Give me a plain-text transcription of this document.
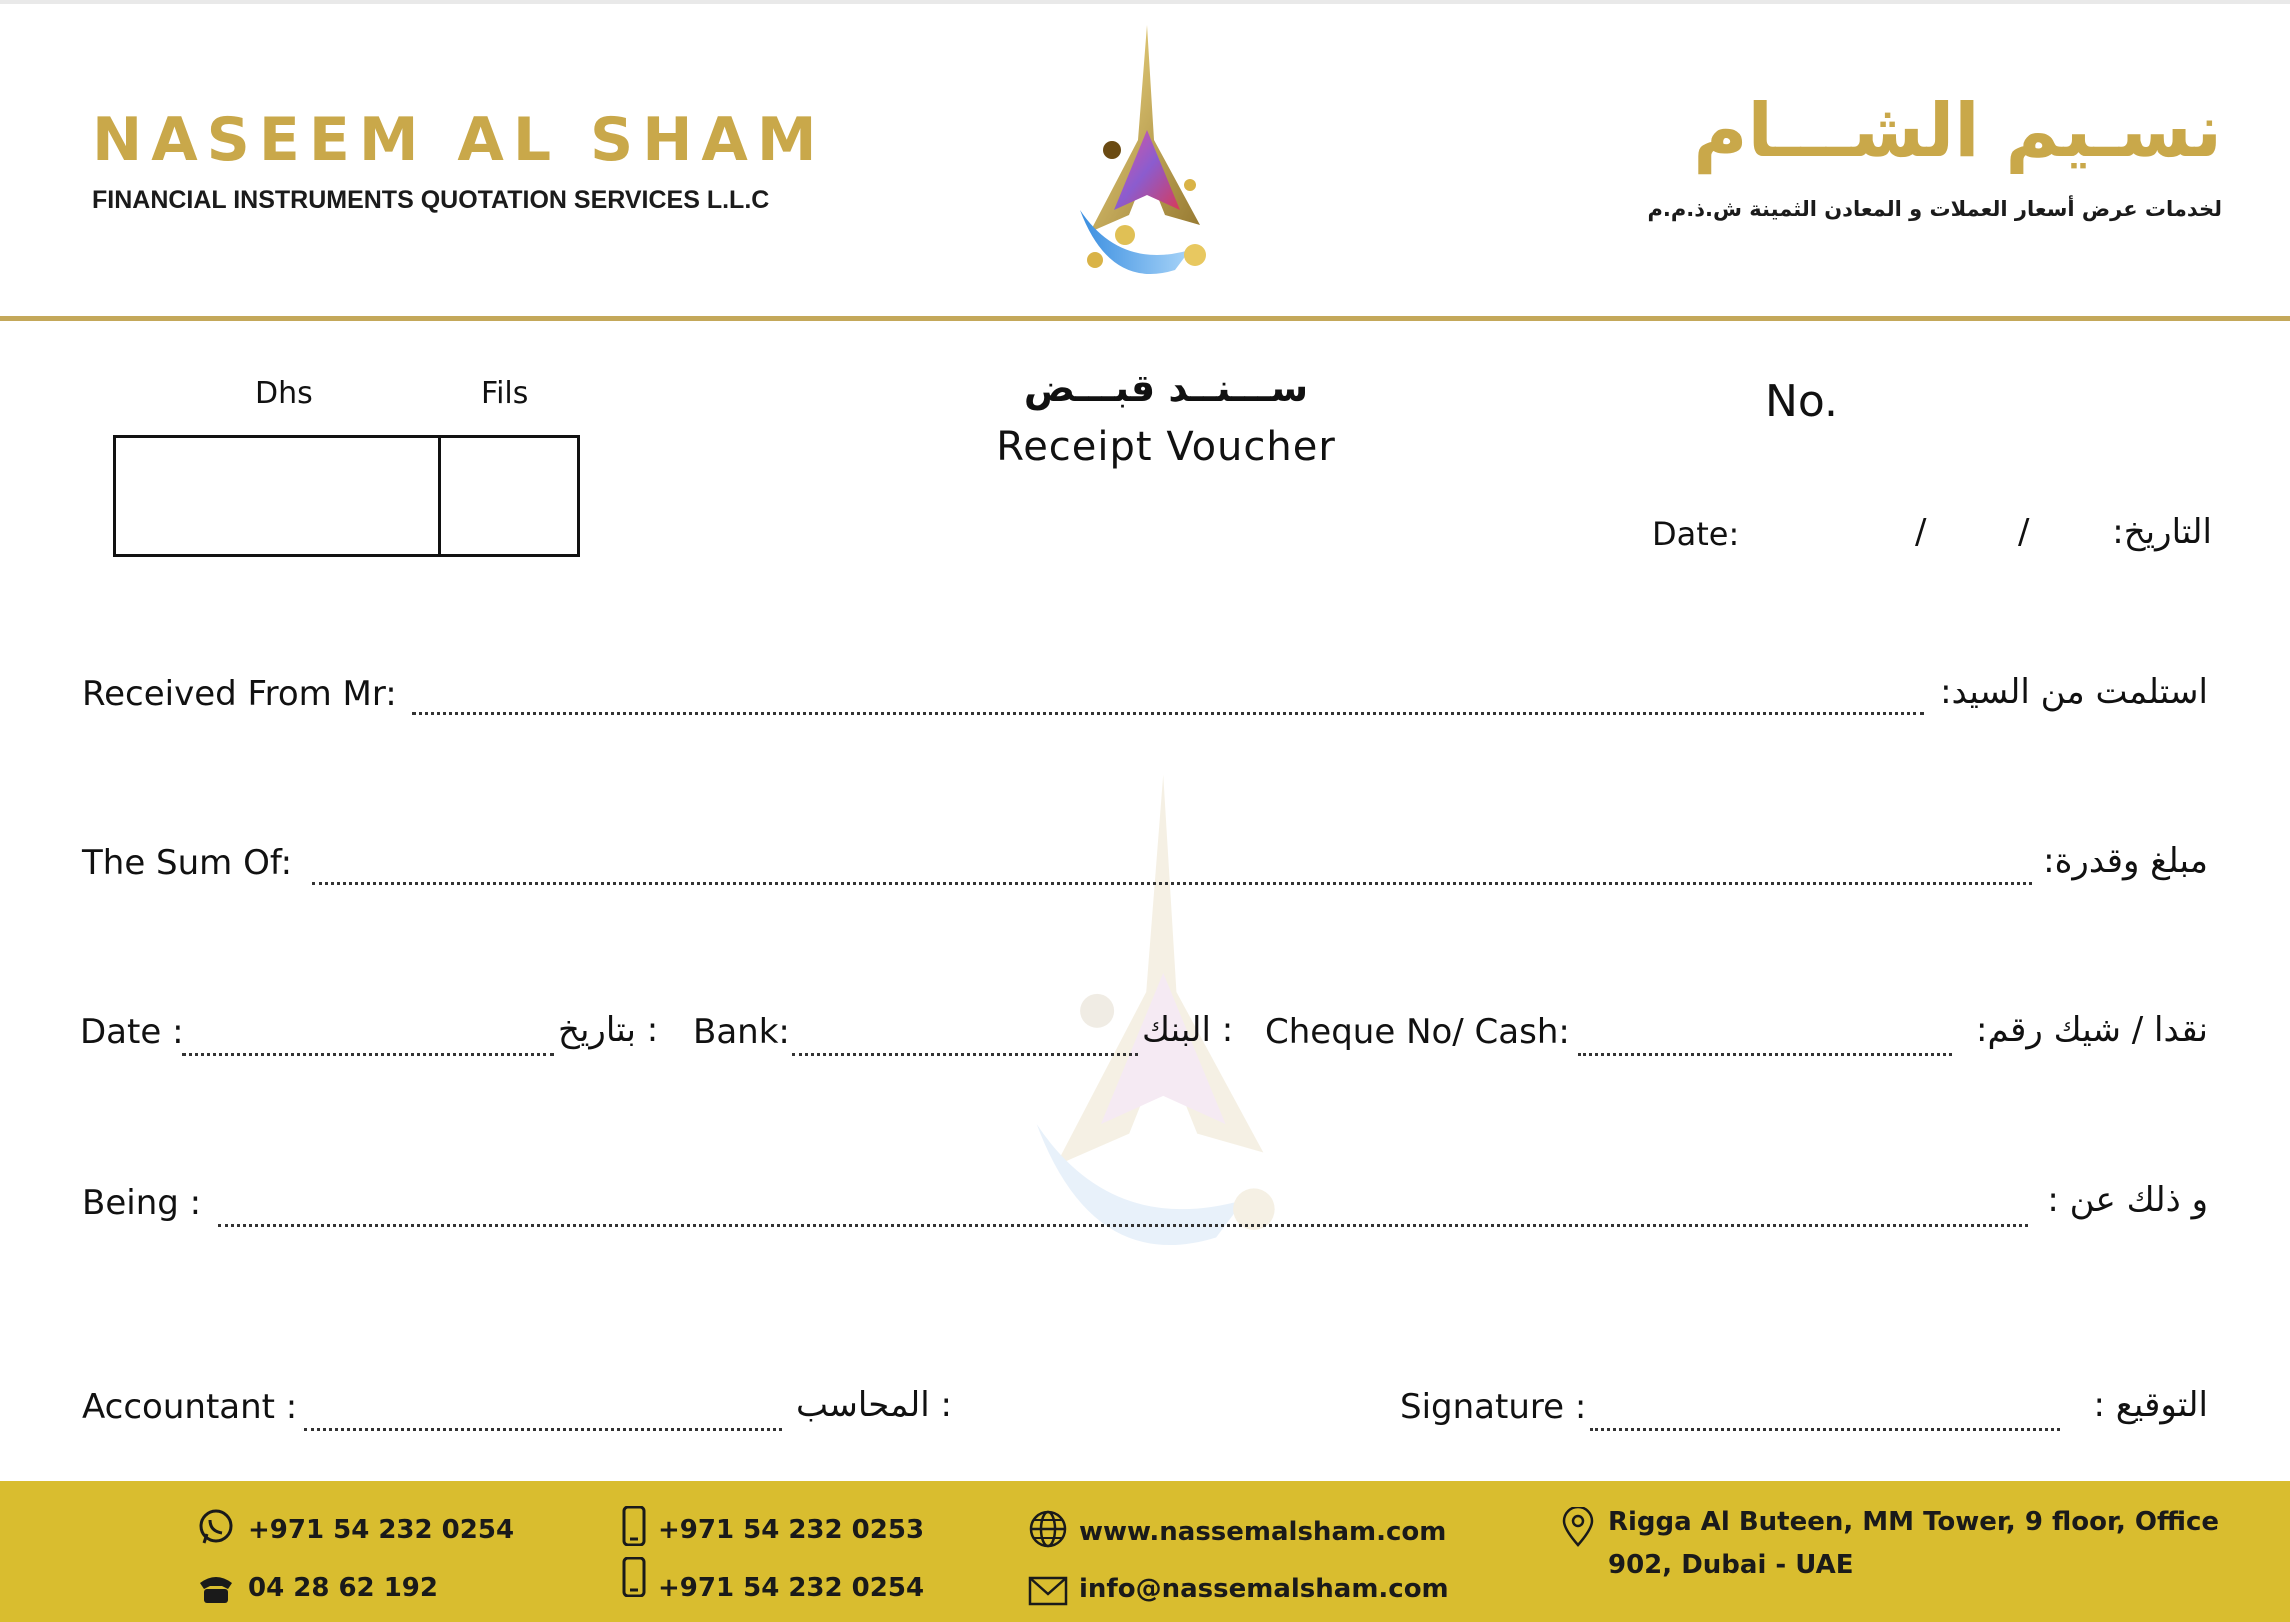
NASEEM AL SHAM
FINANCIAL INSTRUMENTS QUOTATION SERVICES L.L.C
نسـيم الشـــام
لخدمات عرض أسعار العملات و المعادن الثمينة ش.ذ.م.م
Dhs	Fils	ســـنــد قبـــض
Receipt Voucher
No.
Date:	/	/ التاريخ:
Received From Mr:	استلمت من السيد:
The Sum Of:	مبلغ وقدرة:
Date :	: بتاريخ Bank:	: البنك Cheque No/ Cash:	نقدا / شيك رقم:
Being :	و ذلك عن :
Accountant :	: المحاسب	Signature :	التوقيع :
+971 54 232 0254
04 28 62 192
+971 54 232 0253
+971 54 232 0254
www.nassemalsham.com
info@nassemalsham.com
Rigga Al Buteen, MM Tower, 9 floor, Office
902, Dubai - UAE
